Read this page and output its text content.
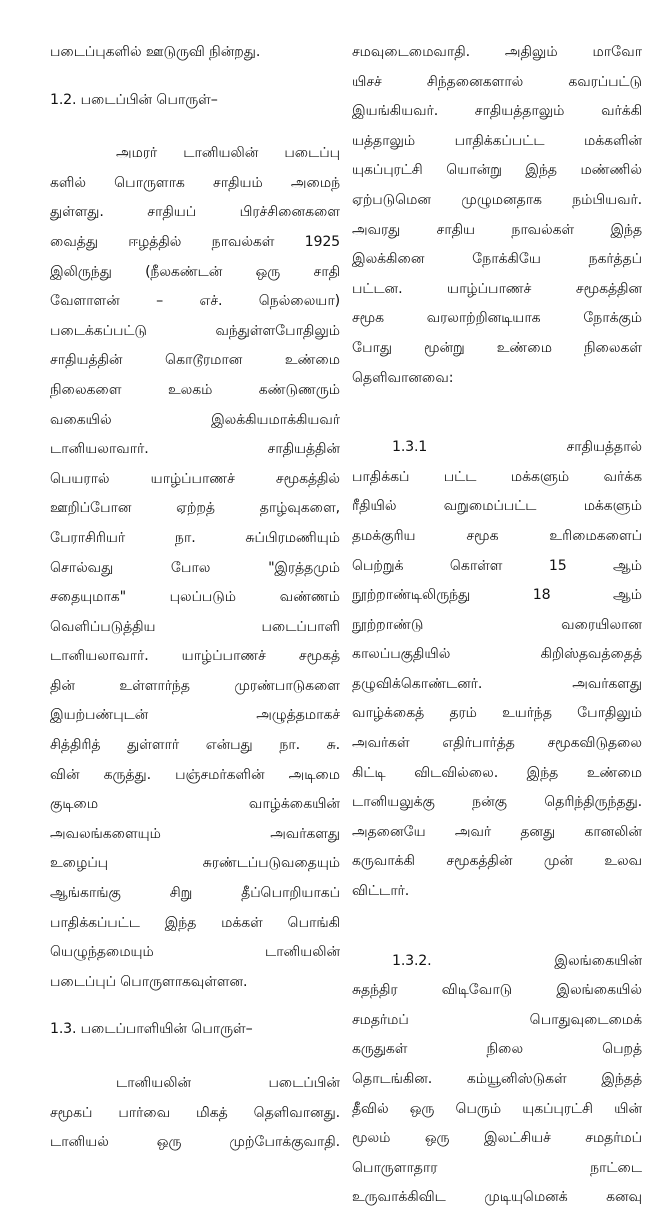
படைப்புகளில் ஊடுருவி நின்றது.
1.2. படைப்பின் பொருள்–
அமரர் டானியலின் படைப்பு
களில் பொருளாக சாதியம் அமைந்
துள்ளது. சாதியப் பிரச்சினைகளை
வைத்து ஈழத்தில் நாவல்கள் 1925
இலிருந்து (நீலகண்டன் ஒரு சாதி
வேளாளன் – எச். நெல்லையா)
படைக்கப்பட்டு வந்துள்ளபோதிலும்
சாதியத்தின் கொடூரமான உண்மை
நிலைகளை உலகம் கண்டுணரும்
வகையில் இலக்கியமாக்கியவர்
டானியலாவார். சாதியத்தின்
பெயரால் யாழ்ப்பாணச் சமூகத்தில்
ஊறிப்போன ஏற்றத் தாழ்வுகளை,
பேராசிரியர் நா. சுப்பிரமணியும்
சொல்வது போல "இரத்தமும்
சதையுமாக" புலப்படும் வண்ணம்
வெளிப்படுத்திய படைப்பாளி
டானியலாவார். யாழ்ப்பாணச் சமூகத்
தின் உள்ளார்ந்த முரண்பாடுகளை
இயற்பண்புடன் அழுத்தமாகச்
சித்திரித் துள்ளார் என்பது நா. சு.
வின் கருத்து. பஞ்சமர்களின் அடிமை
குடிமை வாழ்க்கையின்
அவலங்களையும் அவர்களது
உழைப்பு சுரண்டப்படுவதையும்
ஆங்காங்கு சிறு தீப்பொறியாகப்
பாதிக்கப்பட்ட இந்த மக்கள் பொங்கி
யெழுந்தமையும் டானியலின்
படைப்புப் பொருளாகவுள்ளன.
1.3. படைப்பாளியின் பொருள்–
டானியலின் படைப்பின்
சமூகப் பார்வை மிகத் தெளிவானது.
டானியல் ஒரு முற்போக்குவாதி.
சமவுடைமைவாதி. அதிலும் மாவோ
யிசச் சிந்தனைகளால் கவரப்பட்டு
இயங்கியவர். சாதியத்தாலும் வர்க்கி
யத்தாலும் பாதிக்கப்பட்ட மக்களின்
யுகப்புரட்சி யொன்று இந்த மண்ணில்
ஏற்படுமென முழுமனதாக நம்பியவர்.
அவரது சாதிய நாவல்கள் இந்த
இலக்கினை நோக்கியே நகர்த்தப்
பட்டன. யாழ்ப்பாணச் சமூகத்தின
சமூக வரலாற்றினடியாக நோக்கும்
போது மூன்று உண்மை நிலைகள்
தெளிவானவை:
1.3.1 சாதியத்தால்
பாதிக்கப் பட்ட மக்களும் வர்க்க
ரீதியில் வறுமைப்பட்ட மக்களும்
தமக்குரிய சமூக உரிமைகளைப்
பெற்றுக் கொள்ள 15 ஆம்
நூற்றாண்டிலிருந்து 18 ஆம்
நூற்றாண்டு வரையிலான
காலப்பகுதியில் கிறிஸ்தவத்தைத்
தழுவிக்கொண்டனர். அவர்களது
வாழ்க்கைத் தரம் உயர்ந்த போதிலும்
அவர்கள் எதிர்பார்த்த சமூகவிடுதலை
கிட்டி விடவில்லை. இந்த உண்மை
டானியலுக்கு நன்கு தெரிந்திருந்தது.
அதனையே அவர் தனது கானலின்
கருவாக்கி சமூகத்தின் முன் உலவ
விட்டார்.
1.3.2. இலங்கையின்
சுதந்திர விடிவோடு இலங்கையில்
சமதர்மப் பொதுவுடைமைக்
கருதுகள் நிலை பெறத்
தொடங்கின. கம்யூனிஸ்டுகள் இந்தத்
தீவில் ஒரு பெரும் யுகப்புரட்சி யின்
மூலம் ஒரு இலட்சியச் சமதர்மப்
பொருளாதார நாட்டை
உருவாக்கிவிட முடியுமெனக் கனவு
